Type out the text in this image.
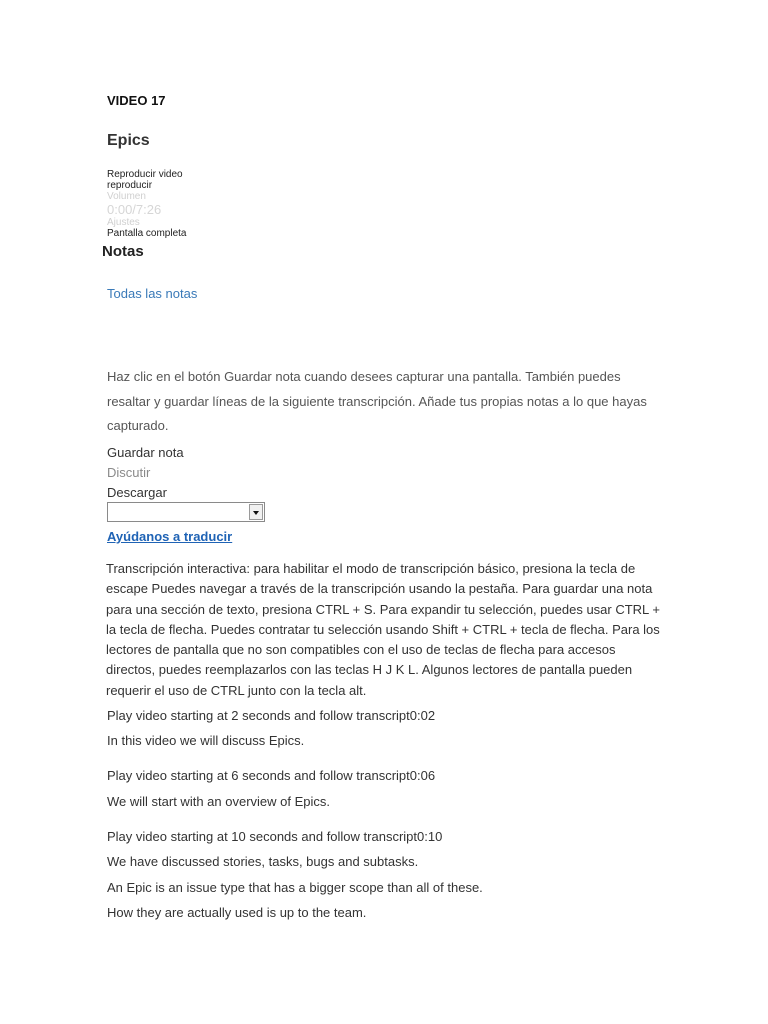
VIDEO 17
Epics
Reproducir video
reproducir
Volumen
0:00/7:26
Ajustes
Pantalla completa
Notas
Todas las notas
Haz clic en el botón Guardar nota cuando desees capturar una pantalla. También puedes resaltar y guardar líneas de la siguiente transcripción. Añade tus propias notas a lo que hayas capturado.
Guardar nota
Discutir
Descargar
Ayúdanos a traducir
Transcripción interactiva: para habilitar el modo de transcripción básico, presiona la tecla de escape Puedes navegar a través de la transcripción usando la pestaña. Para guardar una nota para una sección de texto, presiona CTRL + S. Para expandir tu selección, puedes usar CTRL + la tecla de flecha. Puedes contratar tu selección usando Shift + CTRL + tecla de flecha. Para los lectores de pantalla que no son compatibles con el uso de teclas de flecha para accesos directos, puedes reemplazarlos con las teclas H J K L. Algunos lectores de pantalla pueden requerir el uso de CTRL junto con la tecla alt.
Play video starting at 2 seconds and follow transcript0:02
In this video we will discuss Epics.
Play video starting at 6 seconds and follow transcript0:06
We will start with an overview of Epics.
Play video starting at 10 seconds and follow transcript0:10
We have discussed stories, tasks, bugs and subtasks.
An Epic is an issue type that has a bigger scope than all of these.
How they are actually used is up to the team.
